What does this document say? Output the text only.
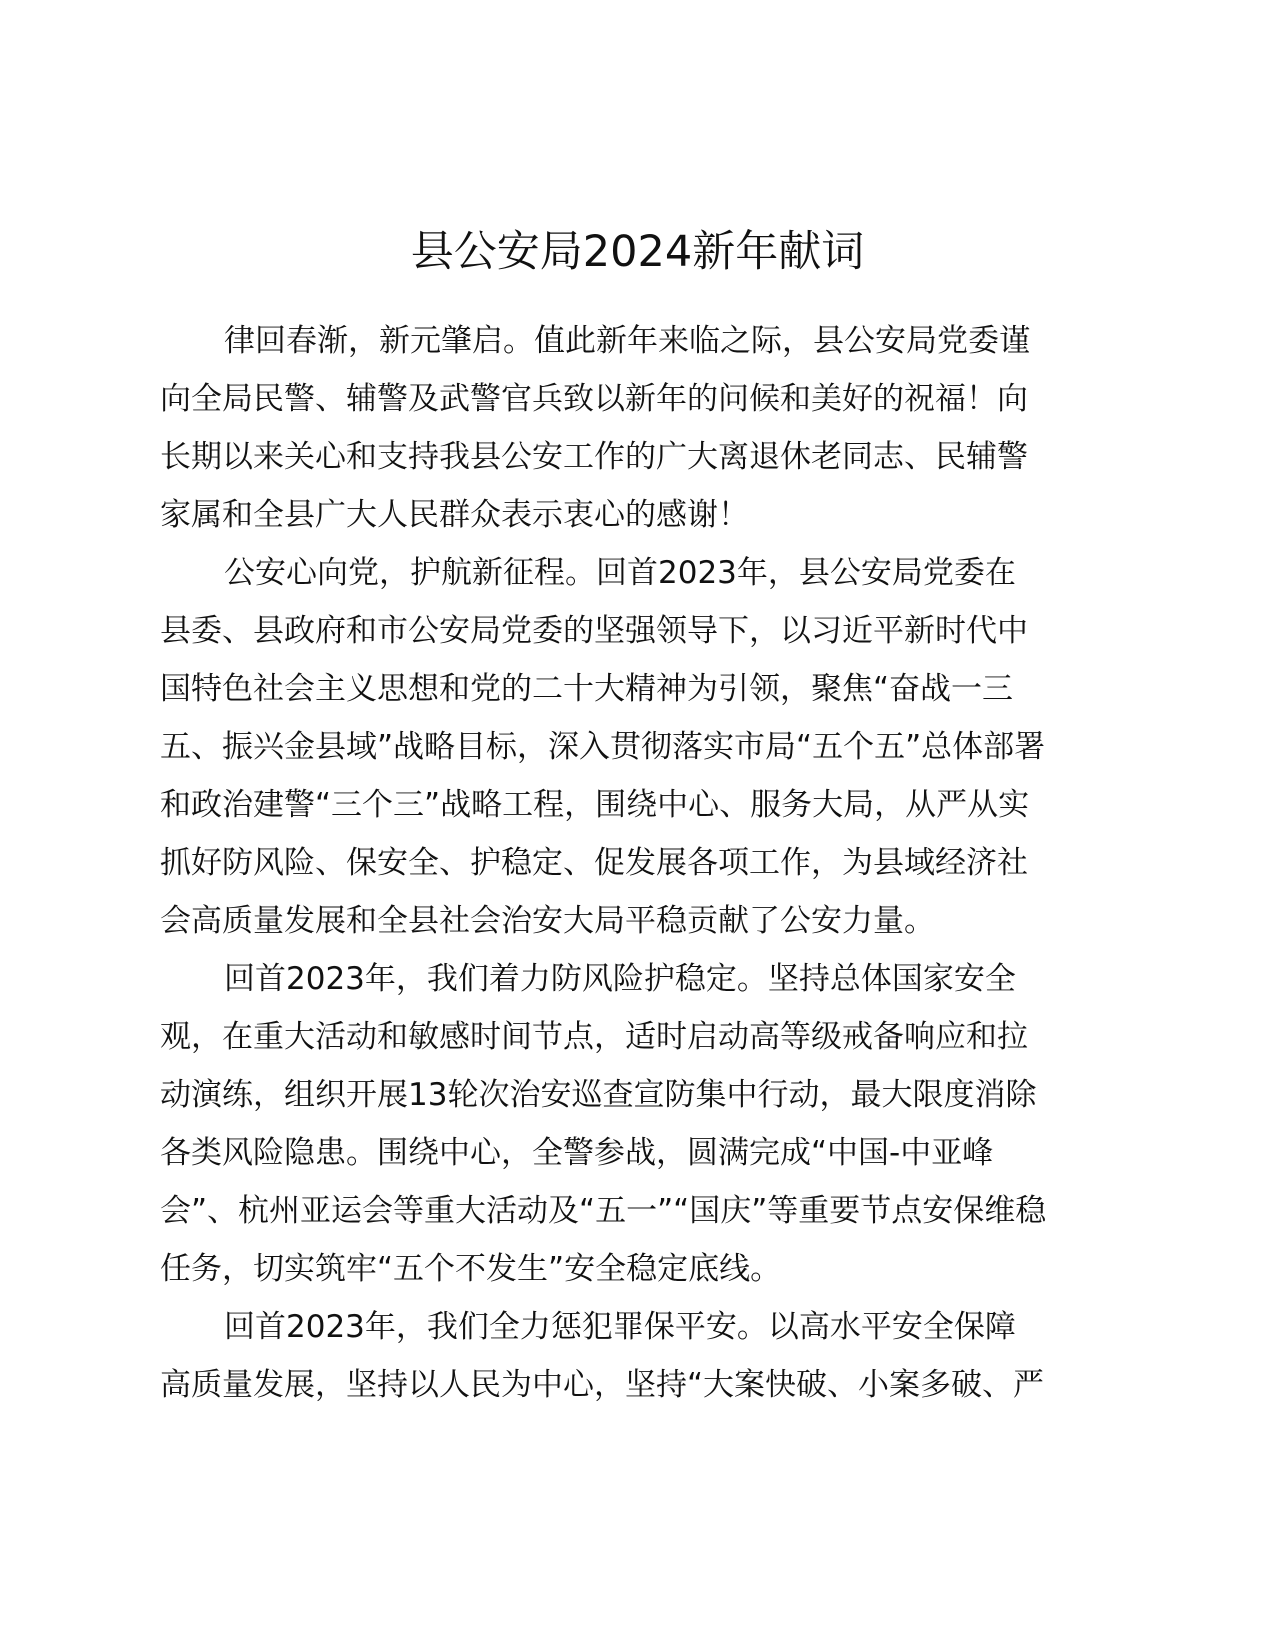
县公安局2024新年献词
律回春渐，新元肇启。值此新年来临之际，县公安局党委谨
向全局民警、辅警及武警官兵致以新年的问候和美好的祝福！向
长期以来关心和支持我县公安工作的广大离退休老同志、民辅警
家属和全县广大人民群众表示衷心的感谢！
公安心向党，护航新征程。回首2023年，县公安局党委在
县委、县政府和市公安局党委的坚强领导下，以习近平新时代中
国特色社会主义思想和党的二十大精神为引领，聚焦“奋战一三
五、振兴金县域”战略目标，深入贯彻落实市局“五个五”总体部署
和政治建警“三个三”战略工程，围绕中心、服务大局，从严从实
抓好防风险、保安全、护稳定、促发展各项工作，为县域经济社
会高质量发展和全县社会治安大局平稳贡献了公安力量。
回首2023年，我们着力防风险护稳定。坚持总体国家安全
观，在重大活动和敏感时间节点，适时启动高等级戒备响应和拉
动演练，组织开展13轮次治安巡查宣防集中行动，最大限度消除
各类风险隐患。围绕中心，全警参战，圆满完成“中国-中亚峰
会”、杭州亚运会等重大活动及“五一”“国庆”等重要节点安保维稳
任务，切实筑牢“五个不发生”安全稳定底线。
回首2023年，我们全力惩犯罪保平安。以高水平安全保障
高质量发展，坚持以人民为中心，坚持“大案快破、小案多破、严
